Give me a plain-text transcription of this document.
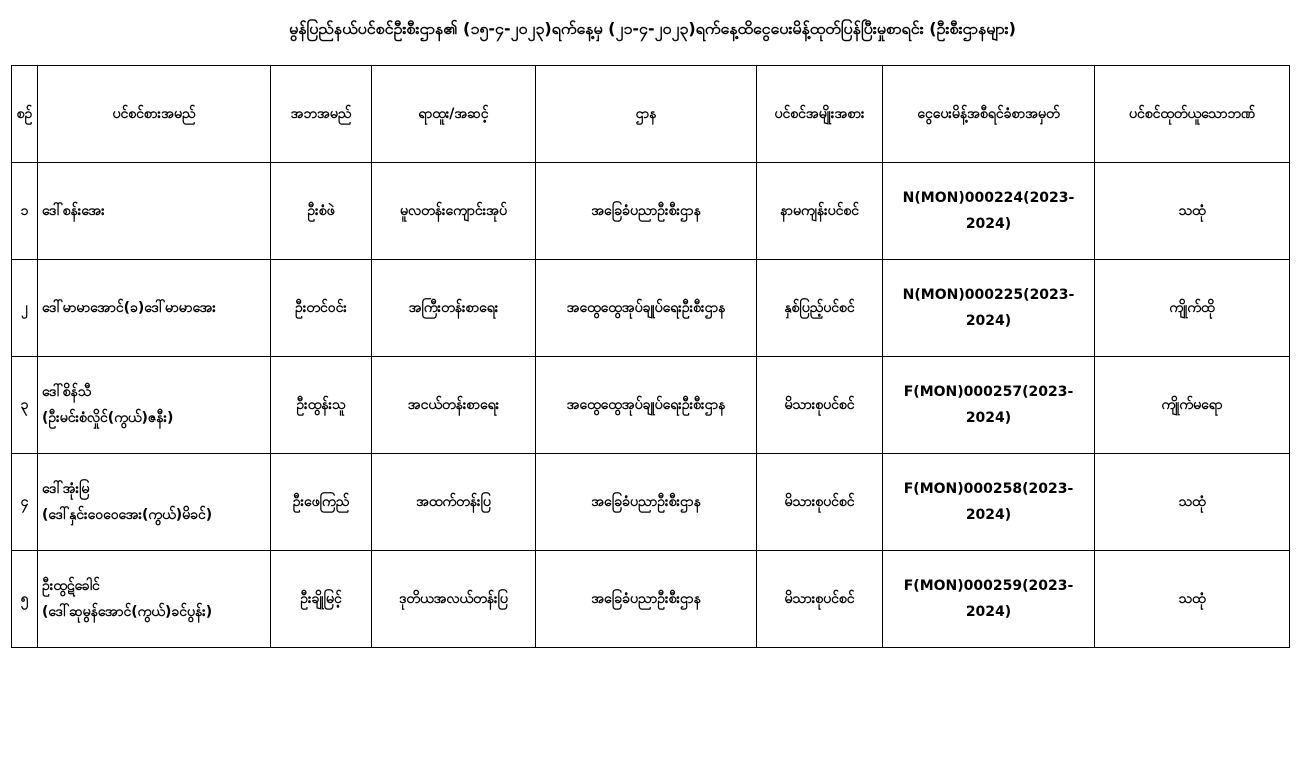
မွန်ပြည်နယ်ပင်စင်ဦးစီးဌာန၏ (၁၅-၄-၂၀၂၃)ရက်နေ့မှ (၂၁-၄-၂၀၂၃)ရက်နေ့ထိငွေပေးမိန့်ထုတ်ပြန်ပြီးမှုစာရင်း (ဦးစီးဌာနများ)
စဉ်	ပင်စင်စားအမည်	အဘအမည်	ရာထူး/အဆင့်	ဌာန	ပင်စင်အမျိုးအစား	ငွေပေးမိန့်အစီရင်ခံစာအမှတ်	ပင်စင်ထုတ်ယူသောဘဏ်
၁	ဒေါ်စန်းအေး	ဦးစံဖဲ	မူလတန်းကျောင်းအုပ်	အခြေခံပညာဦးစီးဌာန	နာမကျန်းပင်စင်	N(MON)000224(2023-2024)	သထုံ
၂	ဒေါ်မာမာအောင်(ခ)ဒေါ်မာမာအေး	ဦးတင်ဝင်း	အကြီးတန်းစာရေး	အထွေထွေအုပ်ချုပ်ရေးဦးစီးဌာန	နှစ်ပြည့်ပင်စင်	N(MON)000225(2023-2024)	ကျိုက်ထို
၃	ဒေါ်စိန်သီ
(ဦးမင်းစံလှိုင်(ကွယ်)ဇနီး)	ဦးထွန်းသူ	အငယ်တန်းစာရေး	အထွေထွေအုပ်ချုပ်ရေးဦးစီးဌာန	မိသားစုပင်စင်	F(MON)000257(2023-2024)	ကျိုက်မရော
၄	ဒေါ်အုံးမြ
(ဒေါ်နှင်းဝေဝေအေး(ကွယ်)မိခင်)	ဦးဖေကြည်	အထက်တန်းပြ	အခြေခံပညာဦးစီးဌာန	မိသားစုပင်စင်	F(MON)000258(2023-2024)	သထုံ
၅	ဦးထွဋ်ခေါင်
(ဒေါ်ဆုမွန်အောင်(ကွယ်)ခင်ပွန်း)	ဦးချိုမြင့်	ဒုတိယအလယ်တန်းပြ	အခြေခံပညာဦးစီးဌာန	မိသားစုပင်စင်	F(MON)000259(2023-2024)	သထုံ
